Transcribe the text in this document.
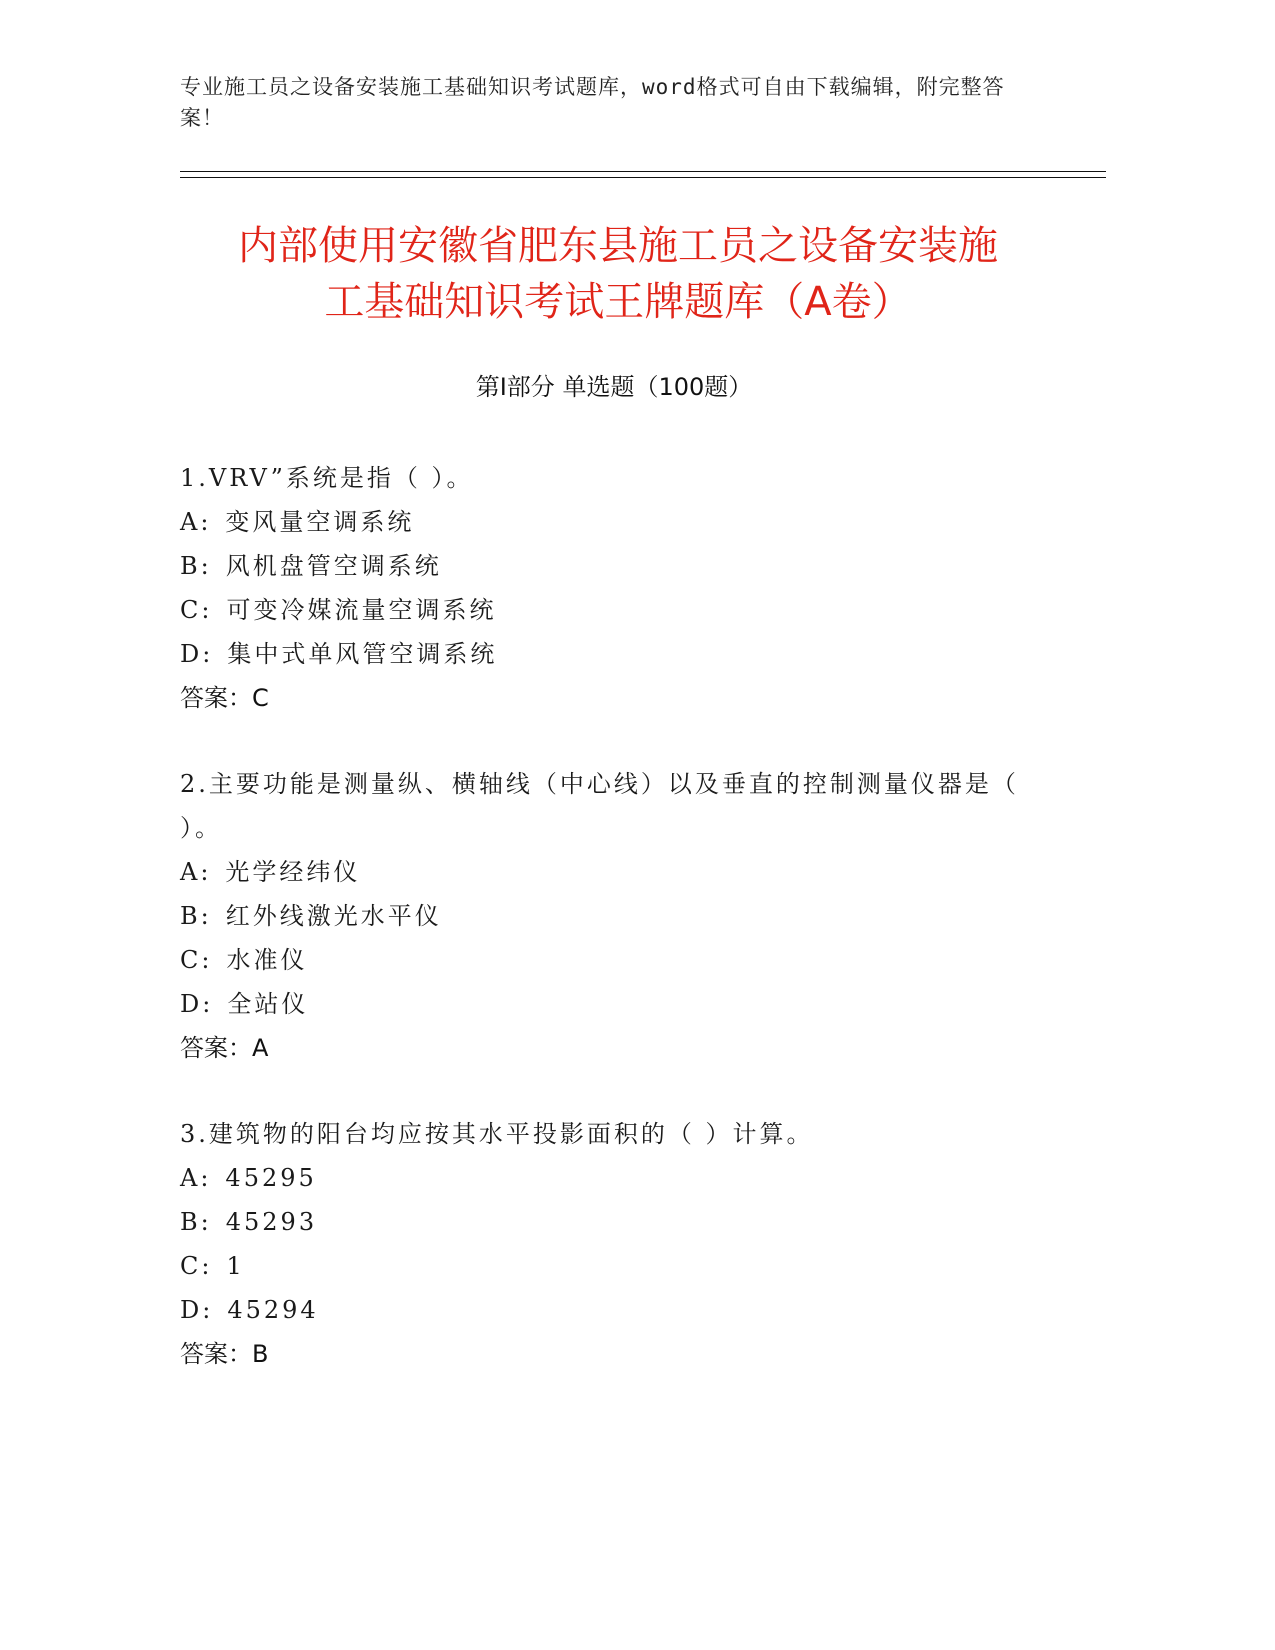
专业施工员之设备安装施工基础知识考试题库，word格式可自由下载编辑，附完整答案！
内部使用安徽省肥东县施工员之设备安装施
工基础知识考试王牌题库（A卷）
第Ⅰ部分 单选题（100题）
1.VRV”系统是指（ ）。
A: 变风量空调系统
B: 风机盘管空调系统
C: 可变冷媒流量空调系统
D: 集中式单风管空调系统
答案：C
2.主要功能是测量纵、横轴线（中心线）以及垂直的控制测量仪器是（ ）。
A: 光学经纬仪
B: 红外线激光水平仪
C: 水准仪
D: 全站仪
答案：A
3.建筑物的阳台均应按其水平投影面积的（ ）计算。
A: 45295
B: 45293
C: 1
D: 45294
答案：B
